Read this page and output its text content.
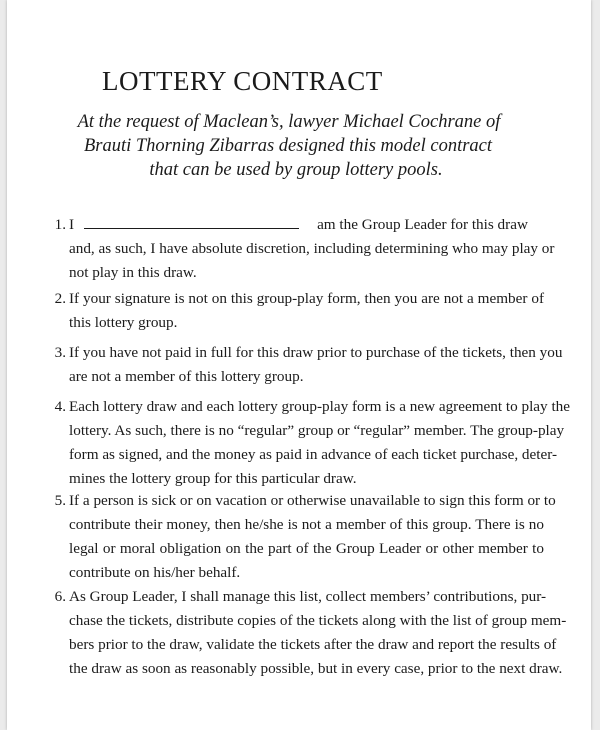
LOTTERY CONTRACT
At the request of Maclean’s, lawyer Michael Cochrane of
Brauti Thorning Zibarras designed this model contract
that can be used by group lottery pools.
1. I	am the Group Leader for this draw
and, as such, I have absolute discretion, including determining who may play or
not play in this draw.
2. If your signature is not on this group-play form, then you are not a member of
this lottery group.
3. If you have not paid in full for this draw prior to purchase of the tickets, then you
are not a member of this lottery group.
4. Each lottery draw and each lottery group-play form is a new agreement to play the
lottery. As such, there is no “regular” group or “regular” member. The group-play
form as signed, and the money as paid in advance of each ticket purchase, deter-
mines the lottery group for this particular draw.
5. If a person is sick or on vacation or otherwise unavailable to sign this form or to
contribute their money, then he/she is not a member of this group. There is no
legal or moral obligation on the part of the Group Leader or other member to
contribute on his/her behalf.
6. As Group Leader, I shall manage this list, collect members’ contributions, pur-
chase the tickets, distribute copies of the tickets along with the list of group mem-
bers prior to the draw, validate the tickets after the draw and report the results of
the draw as soon as reasonably possible, but in every case, prior to the next draw.
